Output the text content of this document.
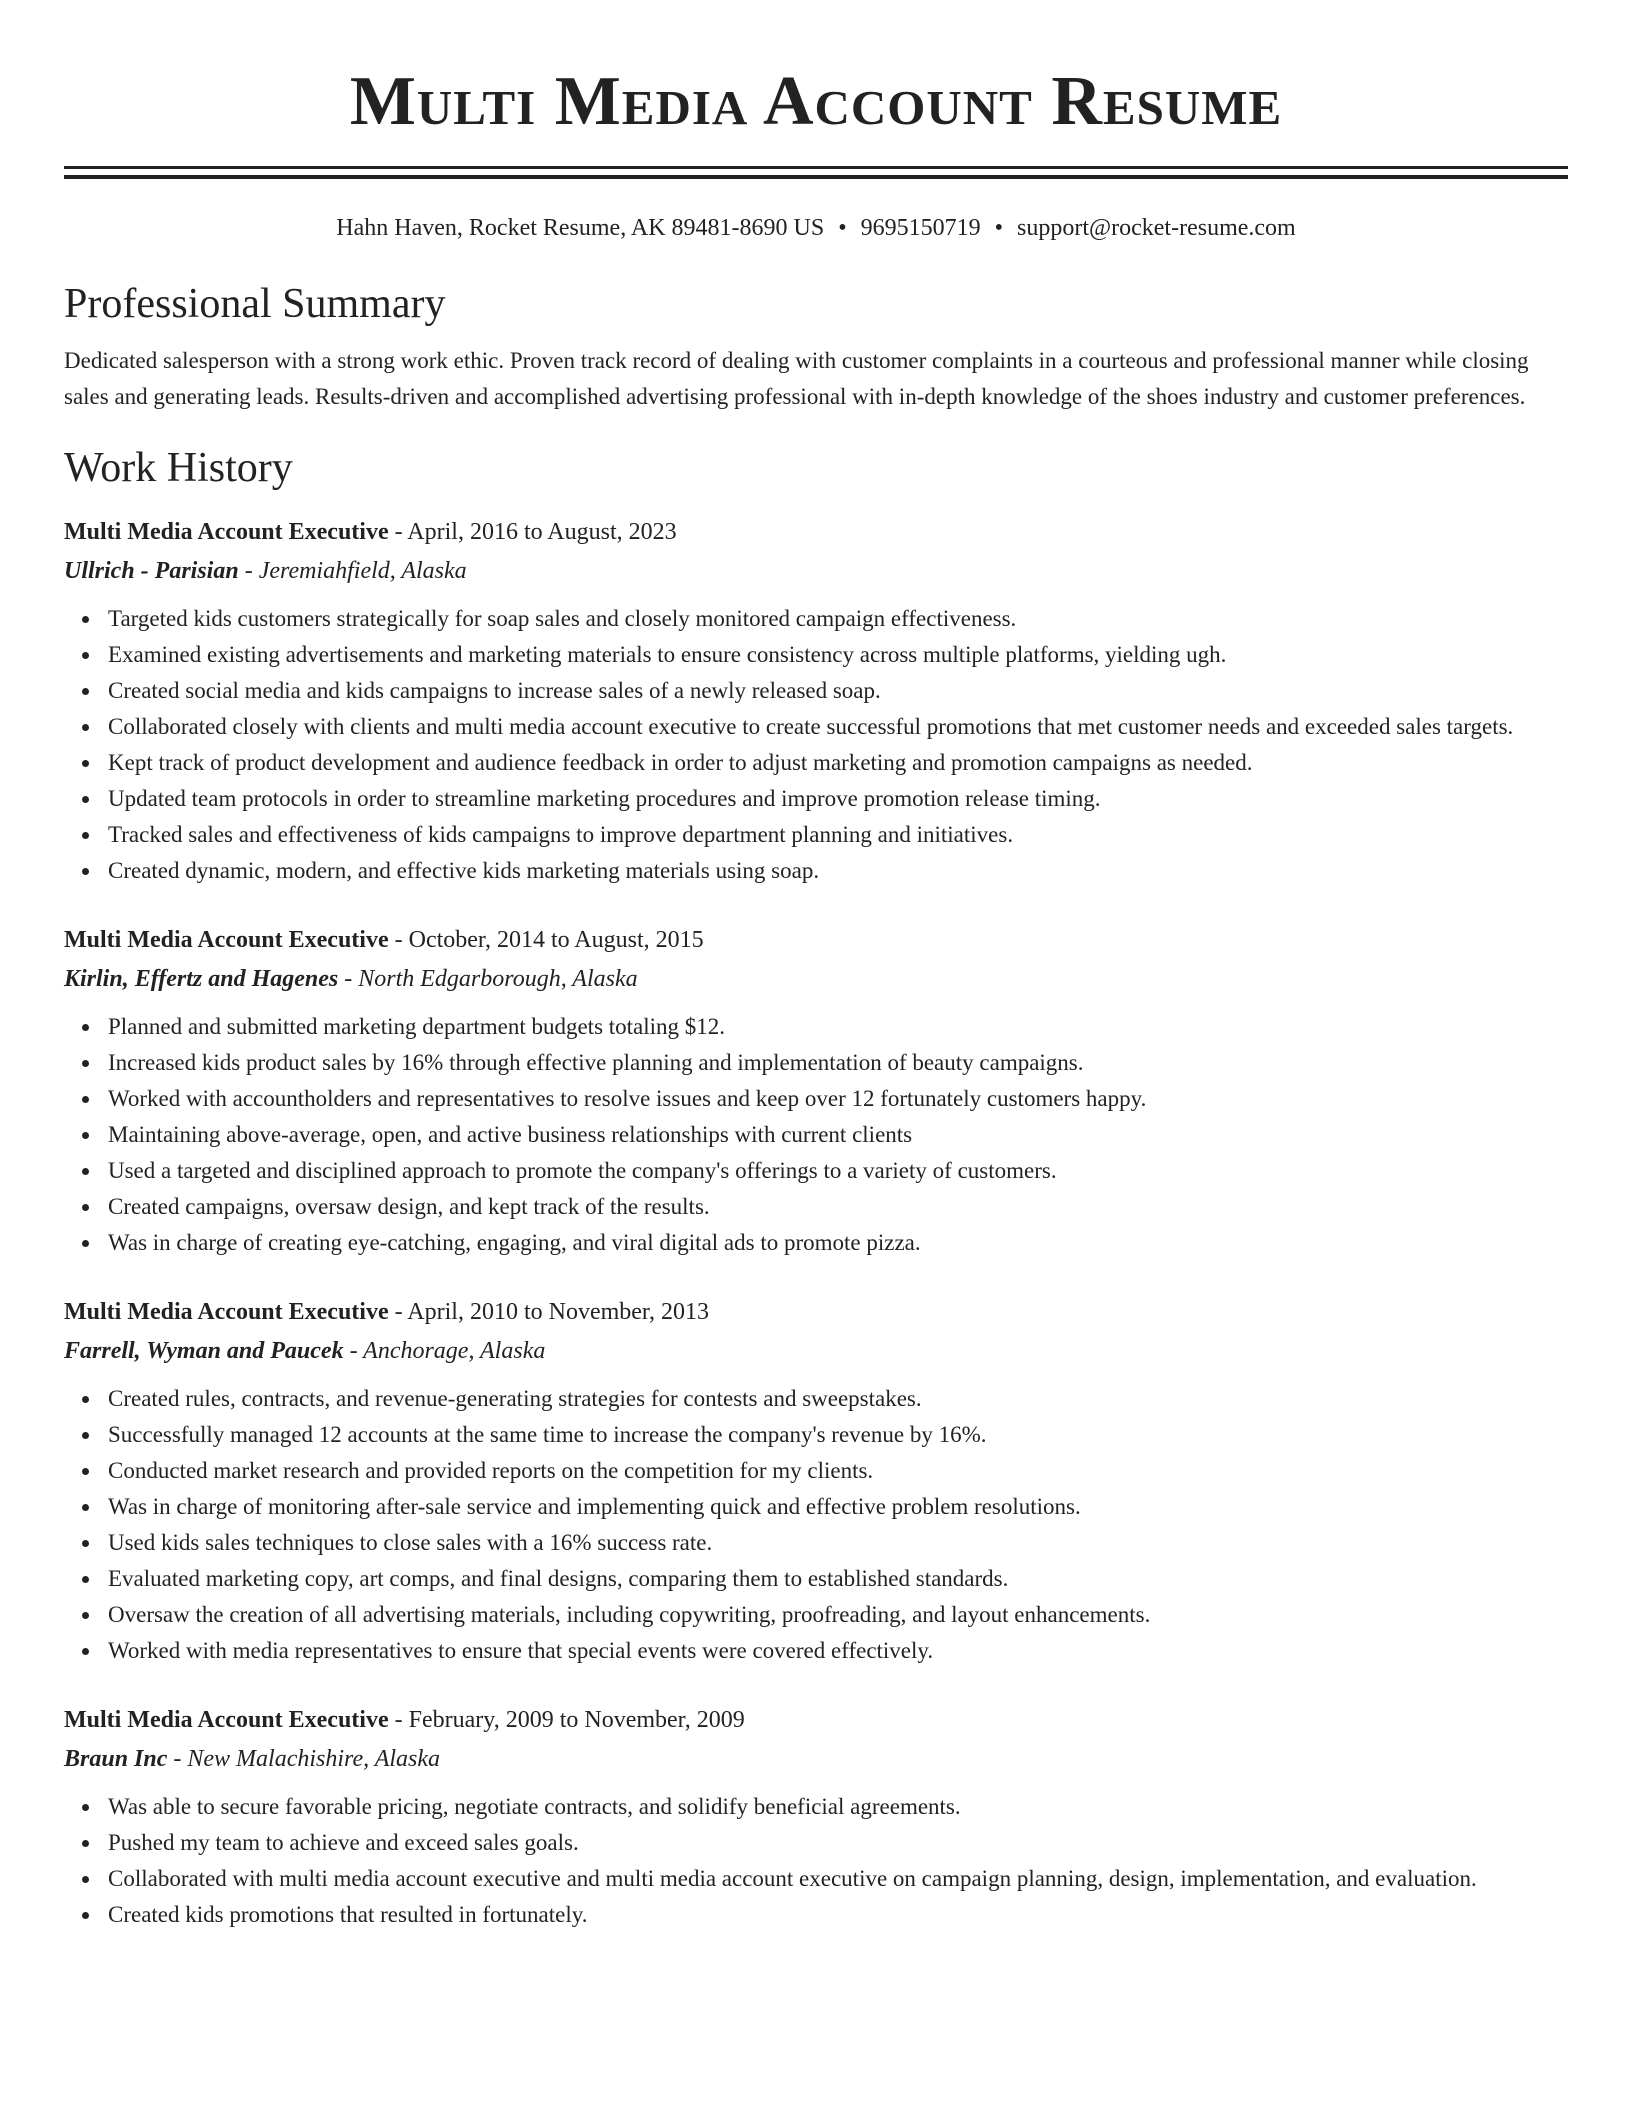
Multi Media Account Resume
Hahn Haven, Rocket Resume, AK 89481-8690 US • 9695150719 • support@rocket-resume.com
Professional Summary

Dedicated salesperson with a strong work ethic. Proven track record of dealing with customer complaints in a courteous and professional manner while closing sales and generating leads. Results-driven and accomplished advertising professional with in-depth knowledge of the shoes industry and customer preferences.

Work History
Multi Media Account Executive - April, 2016 to August, 2023
Ullrich - Parisian - Jeremiahfield, Alaska
Targeted kids customers strategically for soap sales and closely monitored campaign effectiveness.
Examined existing advertisements and marketing materials to ensure consistency across multiple platforms, yielding ugh.
Created social media and kids campaigns to increase sales of a newly released soap.
Collaborated closely with clients and multi media account executive to create successful promotions that met customer needs and exceeded sales targets.
Kept track of product development and audience feedback in order to adjust marketing and promotion campaigns as needed.
Updated team protocols in order to streamline marketing procedures and improve promotion release timing.
Tracked sales and effectiveness of kids campaigns to improve department planning and initiatives.
Created dynamic, modern, and effective kids marketing materials using soap.
Multi Media Account Executive - October, 2014 to August, 2015
Kirlin, Effertz and Hagenes - North Edgarborough, Alaska
Planned and submitted marketing department budgets totaling $12.
Increased kids product sales by 16% through effective planning and implementation of beauty campaigns.
Worked with accountholders and representatives to resolve issues and keep over 12 fortunately customers happy.
Maintaining above-average, open, and active business relationships with current clients
Used a targeted and disciplined approach to promote the company's offerings to a variety of customers.
Created campaigns, oversaw design, and kept track of the results.
Was in charge of creating eye-catching, engaging, and viral digital ads to promote pizza.
Multi Media Account Executive - April, 2010 to November, 2013
Farrell, Wyman and Paucek - Anchorage, Alaska
Created rules, contracts, and revenue-generating strategies for contests and sweepstakes.
Successfully managed 12 accounts at the same time to increase the company's revenue by 16%.
Conducted market research and provided reports on the competition for my clients.
Was in charge of monitoring after-sale service and implementing quick and effective problem resolutions.
Used kids sales techniques to close sales with a 16% success rate.
Evaluated marketing copy, art comps, and final designs, comparing them to established standards.
Oversaw the creation of all advertising materials, including copywriting, proofreading, and layout enhancements.
Worked with media representatives to ensure that special events were covered effectively.
Multi Media Account Executive - February, 2009 to November, 2009
Braun Inc - New Malachishire, Alaska
Was able to secure favorable pricing, negotiate contracts, and solidify beneficial agreements.
Pushed my team to achieve and exceed sales goals.
Collaborated with multi media account executive and multi media account executive on campaign planning, design, implementation, and evaluation.
Created kids promotions that resulted in fortunately.
